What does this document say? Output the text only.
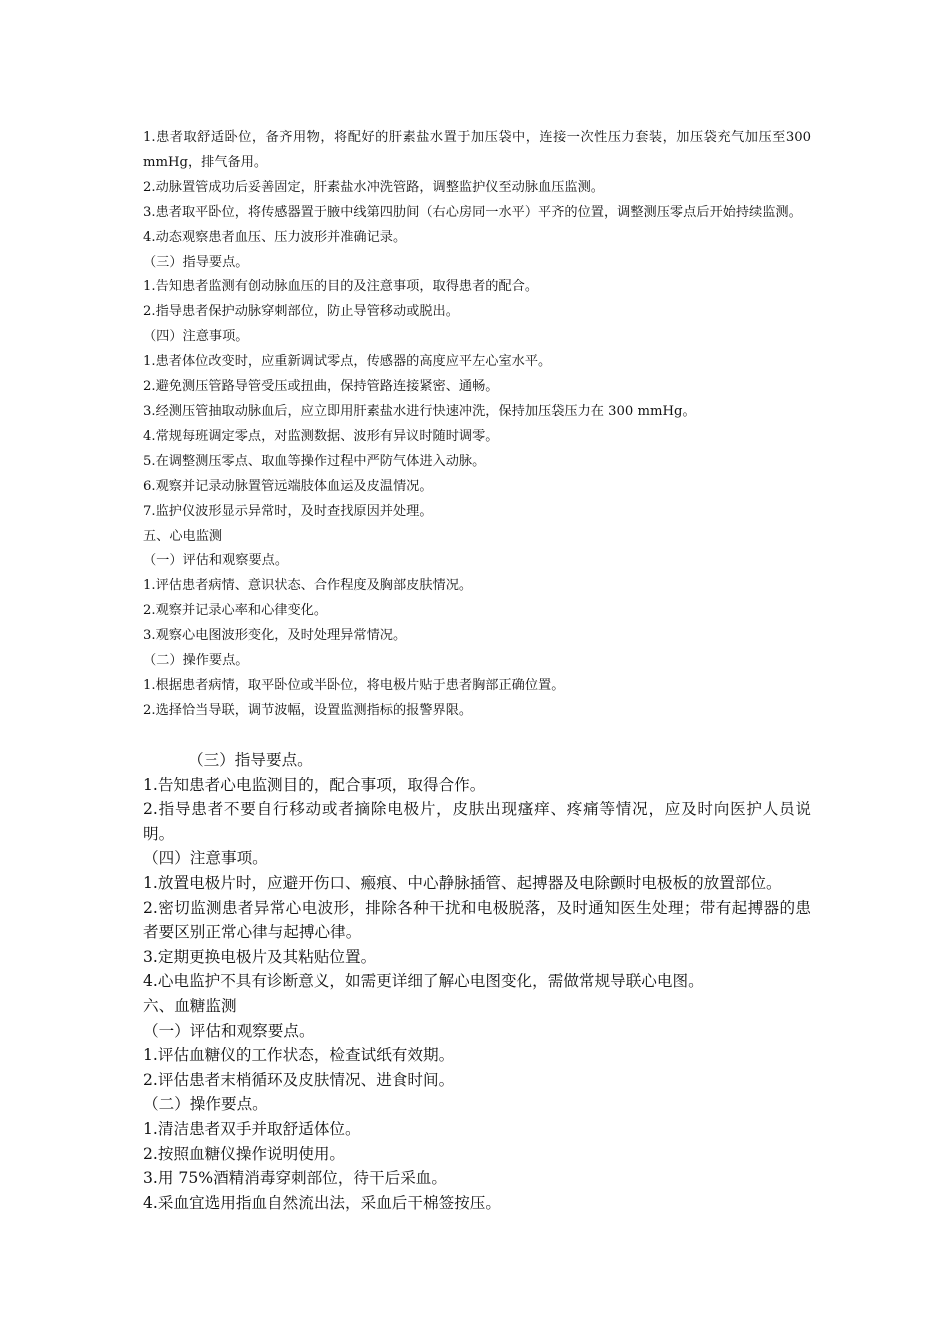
1.患者取舒适卧位，备齐用物，将配好的肝素盐水置于加压袋中，连接一次性压力套装，加压袋充气加压至300 mmHg，排气备用。

2.动脉置管成功后妥善固定，肝素盐水冲洗管路，调整监护仪至动脉血压监测。

3.患者取平卧位，将传感器置于腋中线第四肋间（右心房同一水平）平齐的位置，调整测压零点后开始持续监测。

4.动态观察患者血压、压力波形并准确记录。

（三）指导要点。

1.告知患者监测有创动脉血压的目的及注意事项，取得患者的配合。

2.指导患者保护动脉穿刺部位，防止导管移动或脱出。

（四）注意事项。

1.患者体位改变时，应重新调试零点，传感器的高度应平左心室水平。

2.避免测压管路导管受压或扭曲，保持管路连接紧密、通畅。

3.经测压管抽取动脉血后，应立即用肝素盐水进行快速冲洗，保持加压袋压力在 300 mmHg。

4.常规每班调定零点，对监测数据、波形有异议时随时调零。

5.在调整测压零点、取血等操作过程中严防气体进入动脉。

6.观察并记录动脉置管远端肢体血运及皮温情况。

7.监护仪波形显示异常时，及时查找原因并处理。

五、心电监测

（一）评估和观察要点。

1.评估患者病情、意识状态、合作程度及胸部皮肤情况。

2.观察并记录心率和心律变化。

3.观察心电图波形变化，及时处理异常情况。

（二）操作要点。

1.根据患者病情，取平卧位或半卧位，将电极片贴于患者胸部正确位置。

2.选择恰当导联，调节波幅，设置监测指标的报警界限。

（三）指导要点。

1.告知患者心电监测目的，配合事项，取得合作。

2.指导患者不要自行移动或者摘除电极片，皮肤出现瘙痒、疼痛等情况，应及时向医护人员说明。

（四）注意事项。

1.放置电极片时，应避开伤口、瘢痕、中心静脉插管、起搏器及电除颤时电极板的放置部位。

2.密切监测患者异常心电波形，排除各种干扰和电极脱落，及时通知医生处理；带有起搏器的患者要区别正常心律与起搏心律。

3.定期更换电极片及其粘贴位置。

4.心电监护不具有诊断意义，如需更详细了解心电图变化，需做常规导联心电图。

六、血糖监测

（一）评估和观察要点。

1.评估血糖仪的工作状态，检查试纸有效期。

2.评估患者末梢循环及皮肤情况、进食时间。

（二）操作要点。

1.清洁患者双手并取舒适体位。

2.按照血糖仪操作说明使用。

3.用 75%酒精消毒穿刺部位，待干后采血。

4.采血宜选用指血自然流出法，采血后干棉签按压。
